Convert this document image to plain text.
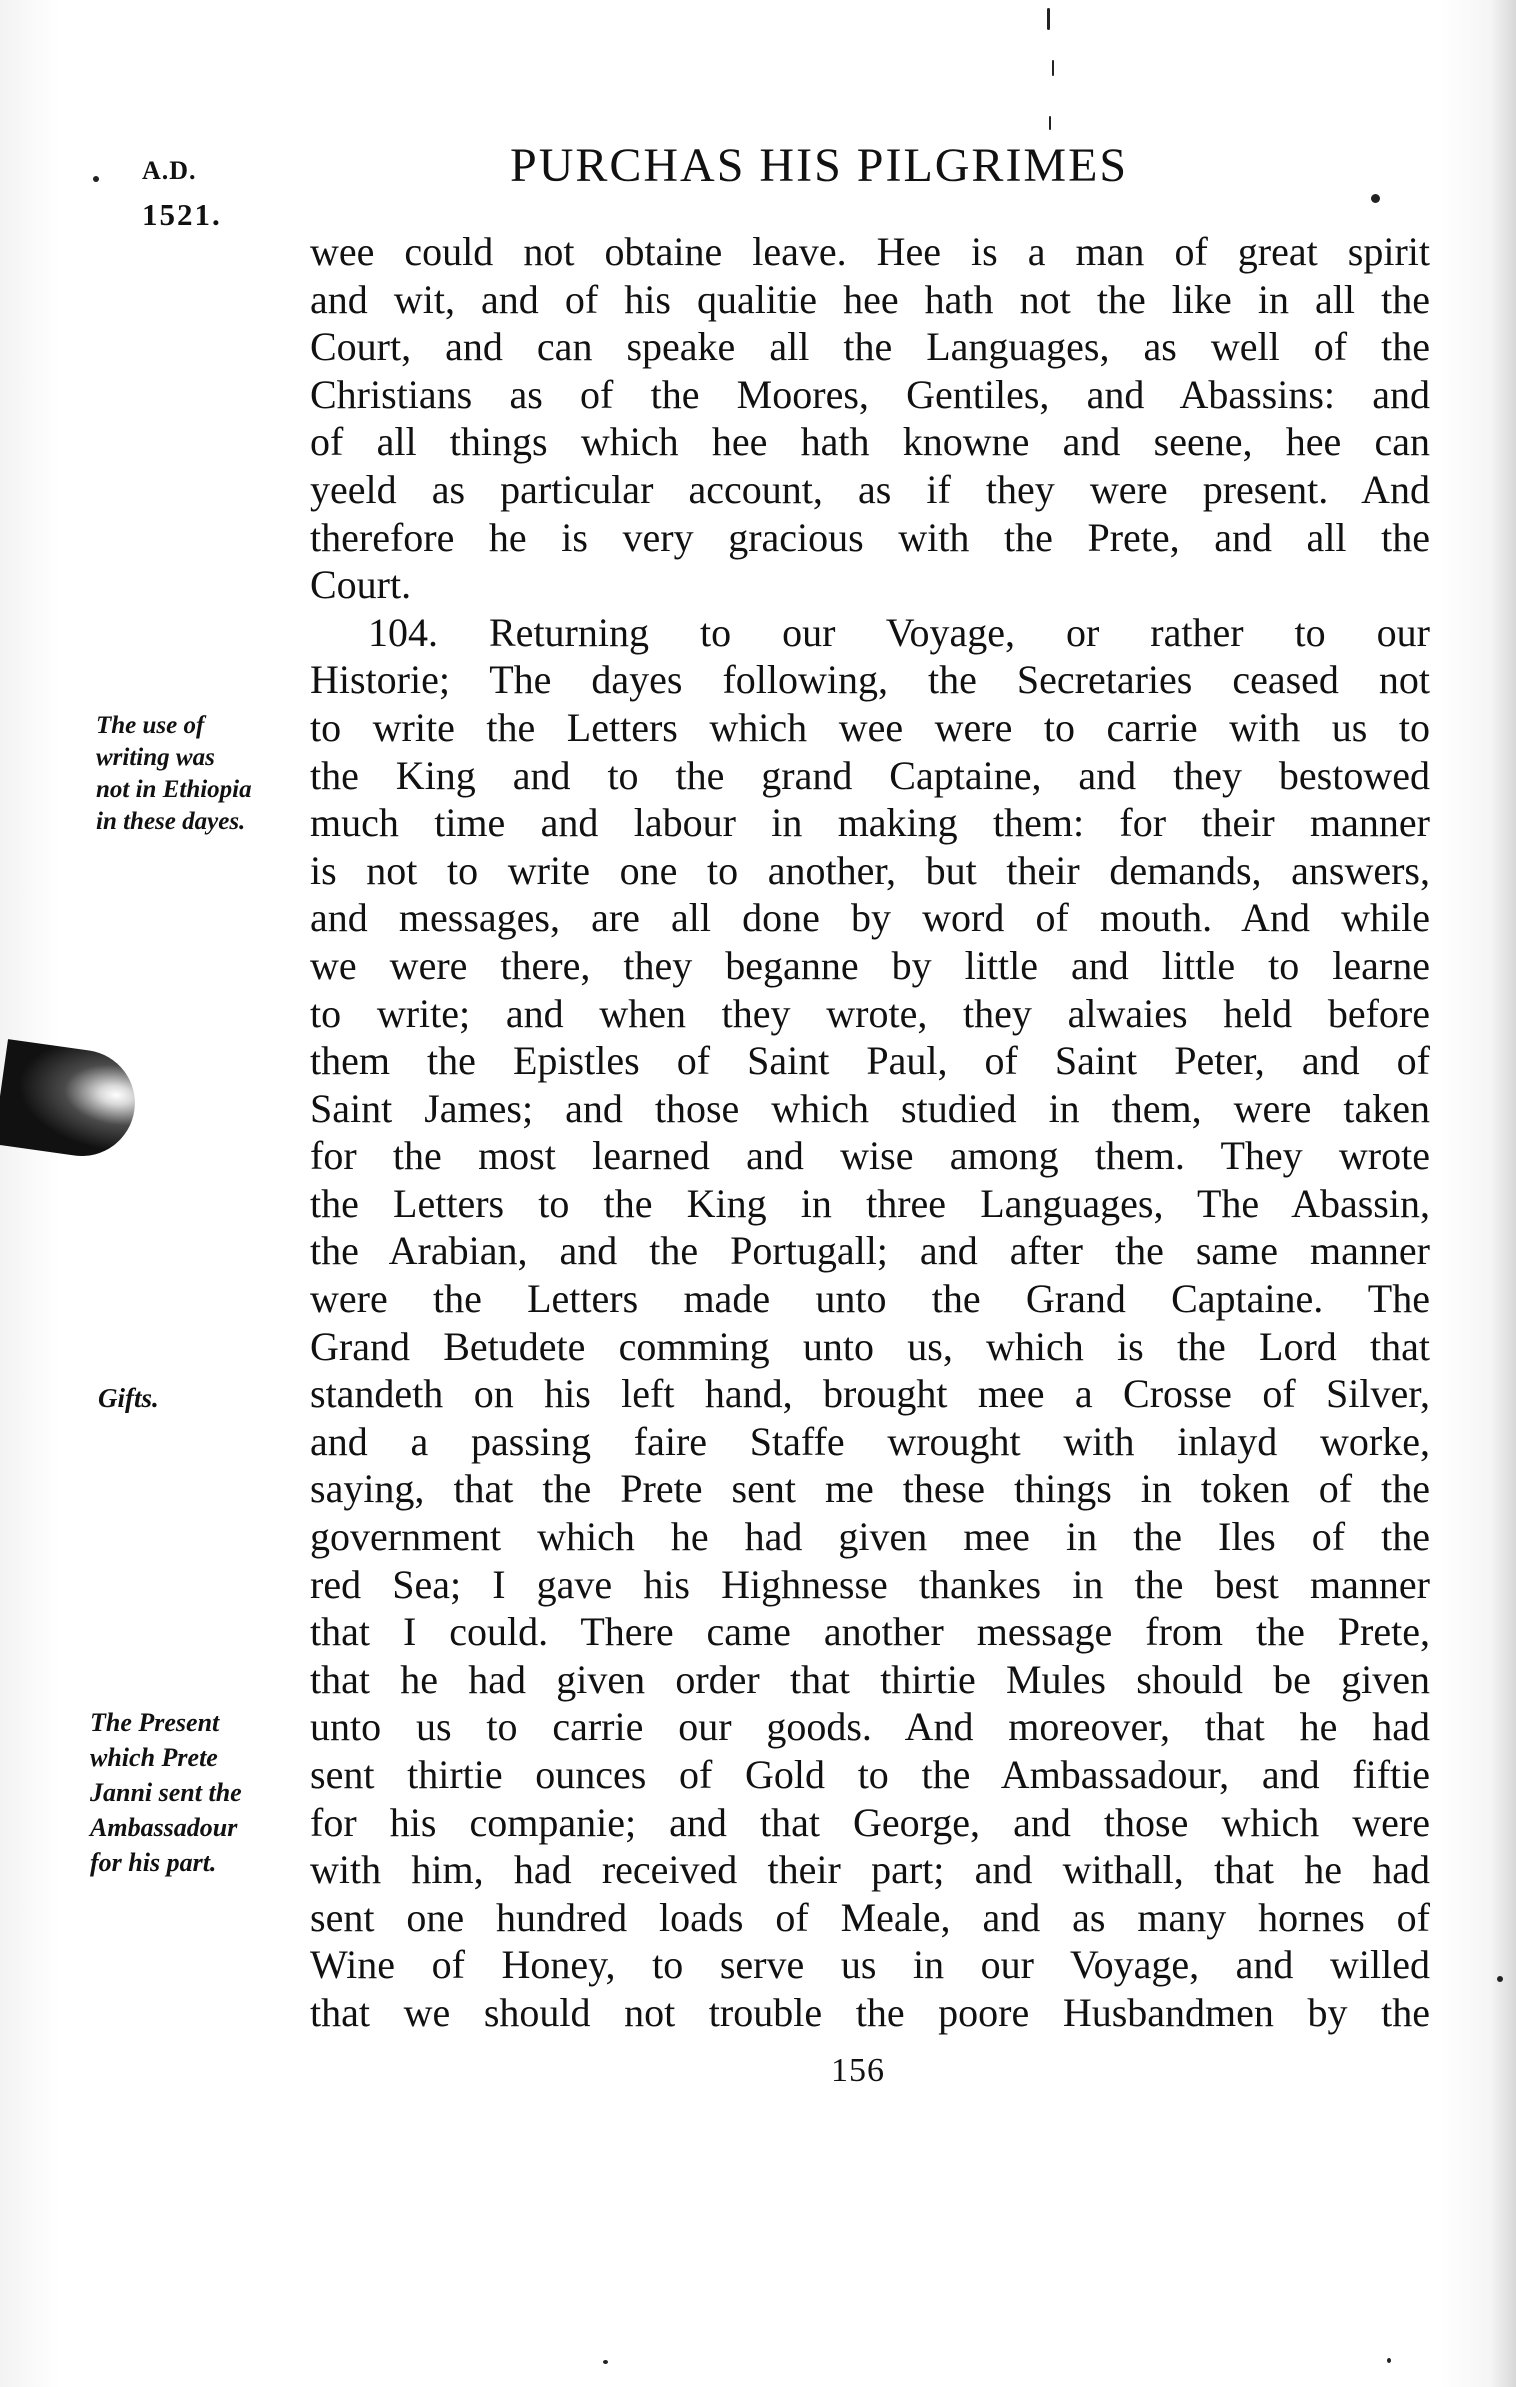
A.D.
1521.
PURCHAS HIS PILGRIMES
wee could not obtaine leave. Hee is a man of great spirit
and wit, and of his qualitie hee hath not the like in all the
Court, and can speake all the Languages, as well of the
Christians as of the Moores, Gentiles, and Abassins: and
of all things which hee hath knowne and seene, hee can
yeeld as particular account, as if they were present. And
therefore he is very gracious with the Prete, and all the
Court.
104. Returning to our Voyage, or rather to our
Historie; The dayes following, the Secretaries ceased not
to write the Letters which wee were to carrie with us to
the King and to the grand Captaine, and they bestowed
much time and labour in making them: for their manner
is not to write one to another, but their demands, answers,
and messages, are all done by word of mouth. And while
we were there, they beganne by little and little to learne
to write; and when they wrote, they alwaies held before
them the Epistles of Saint Paul, of Saint Peter, and of
Saint James; and those which studied in them, were taken
for the most learned and wise among them. They wrote
the Letters to the King in three Languages, The Abassin,
the Arabian, and the Portugall; and after the same manner
were the Letters made unto the Grand Captaine. The
Grand Betudete comming unto us, which is the Lord that
standeth on his left hand, brought mee a Crosse of Silver,
and a passing faire Staffe wrought with inlayd worke,
saying, that the Prete sent me these things in token of the
government which he had given mee in the Iles of the
red Sea; I gave his Highnesse thankes in the best manner
that I could. There came another message from the Prete,
that he had given order that thirtie Mules should be given
unto us to carrie our goods. And moreover, that he had
sent thirtie ounces of Gold to the Ambassadour, and fiftie
for his companie; and that George, and those which were
with him, had received their part; and withall, that he had
sent one hundred loads of Meale, and as many hornes of
Wine of Honey, to serve us in our Voyage, and willed
that we should not trouble the poore Husbandmen by the
The use of
writing was
not in Ethiopia
in these dayes.
Gifts.
The Present
which Prete
Janni sent the
Ambassadour
for his part.
156
